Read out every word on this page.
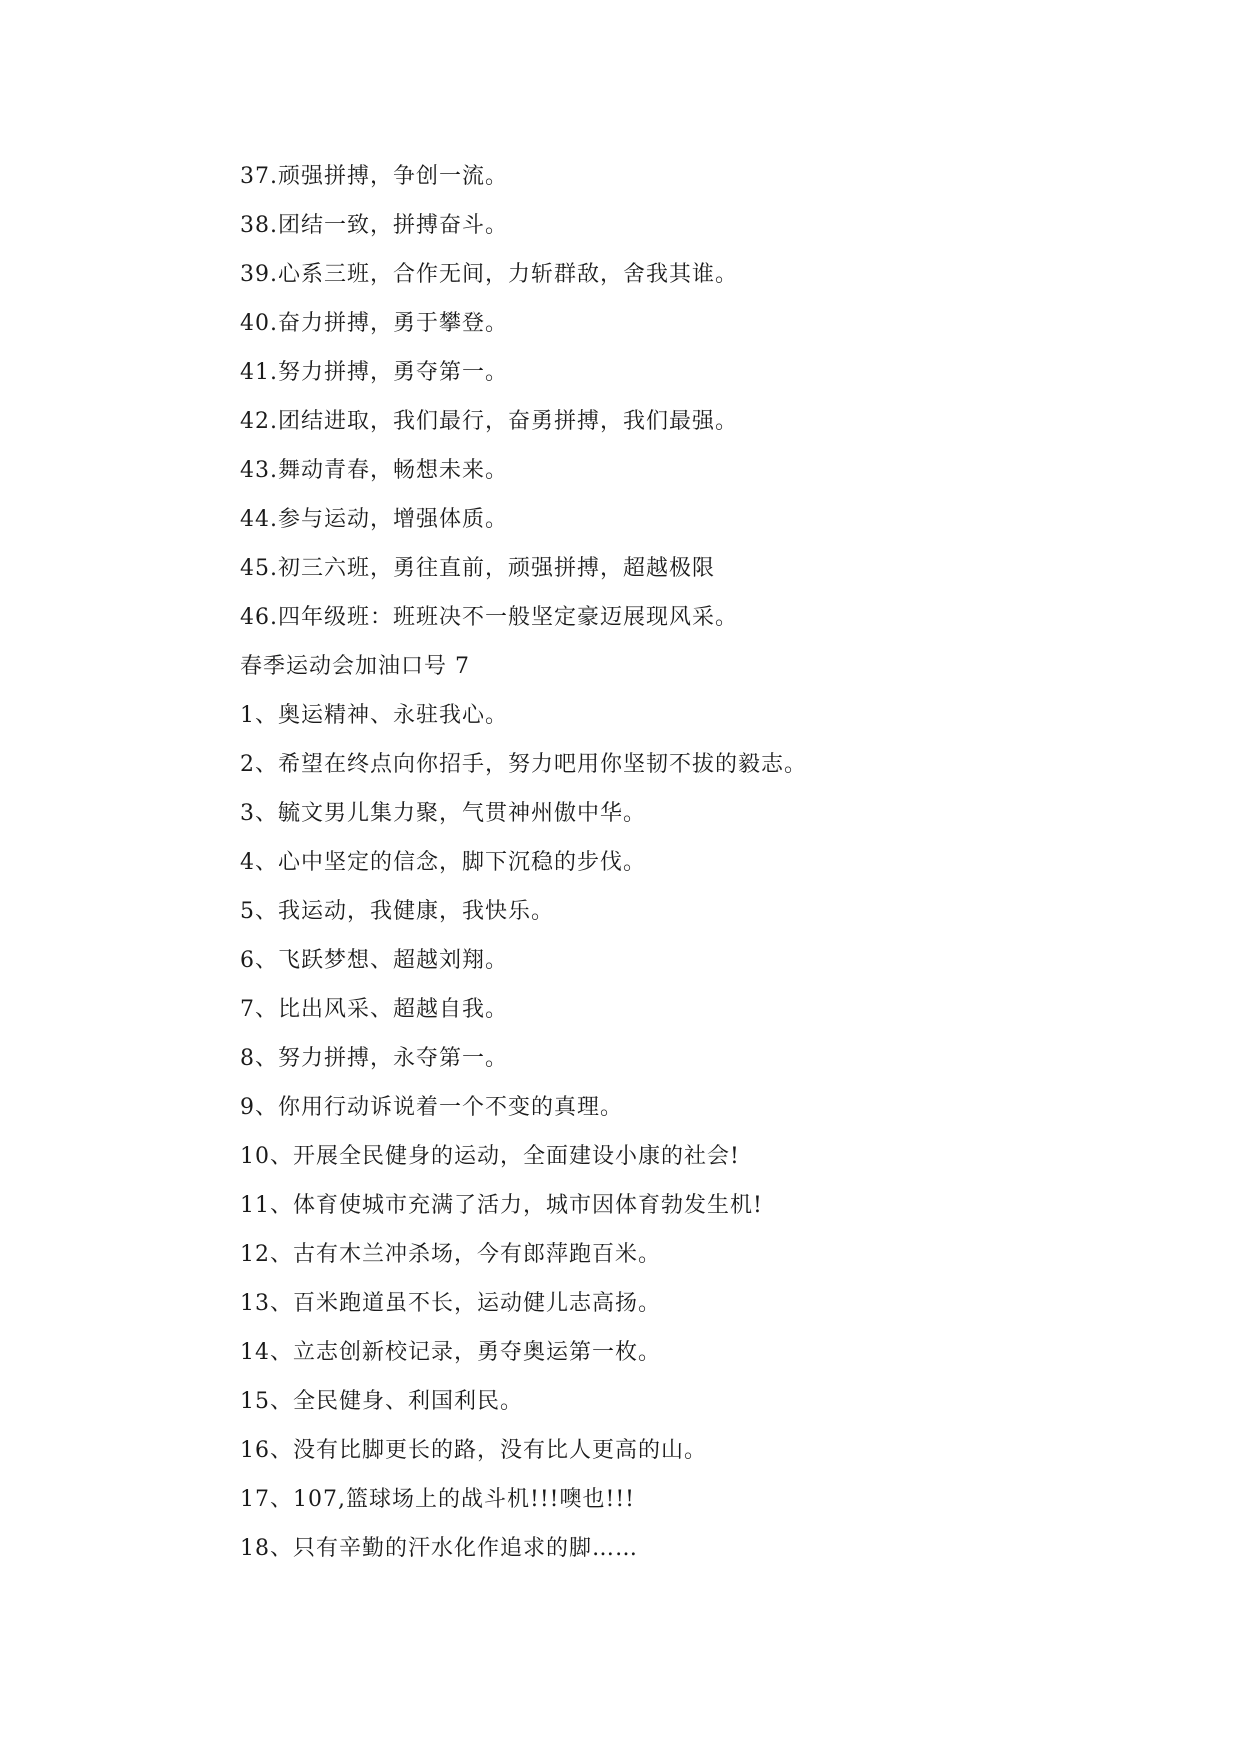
37.顽强拼搏，争创一流。
38.团结一致，拼搏奋斗。
39.心系三班，合作无间，力斩群敌，舍我其谁。
40.奋力拼搏，勇于攀登。
41.努力拼搏，勇夺第一。
42.团结进取，我们最行，奋勇拼搏，我们最强。
43.舞动青春，畅想未来。
44.参与运动，增强体质。
45.初三六班，勇往直前，顽强拼搏，超越极限
46.四年级班：班班决不一般坚定豪迈展现风采。
春季运动会加油口号 7
1、奥运精神、永驻我心。
2、希望在终点向你招手，努力吧用你坚韧不拔的毅志。
3、毓文男儿集力聚，气贯神州傲中华。
4、心中坚定的信念，脚下沉稳的步伐。
5、我运动，我健康，我快乐。
6、飞跃梦想、超越刘翔。
7、比出风采、超越自我。
8、努力拼搏，永夺第一。
9、你用行动诉说着一个不变的真理。
10、开展全民健身的运动，全面建设小康的社会!
11、体育使城市充满了活力，城市因体育勃发生机!
12、古有木兰冲杀场，今有郎萍跑百米。
13、百米跑道虽不长，运动健儿志高扬。
14、立志创新校记录，勇夺奥运第一枚。
15、全民健身、利国利民。
16、没有比脚更长的路，没有比人更高的山。
17、107,篮球场上的战斗机!!!噢也!!!
18、只有辛勤的汗水化作追求的脚……
